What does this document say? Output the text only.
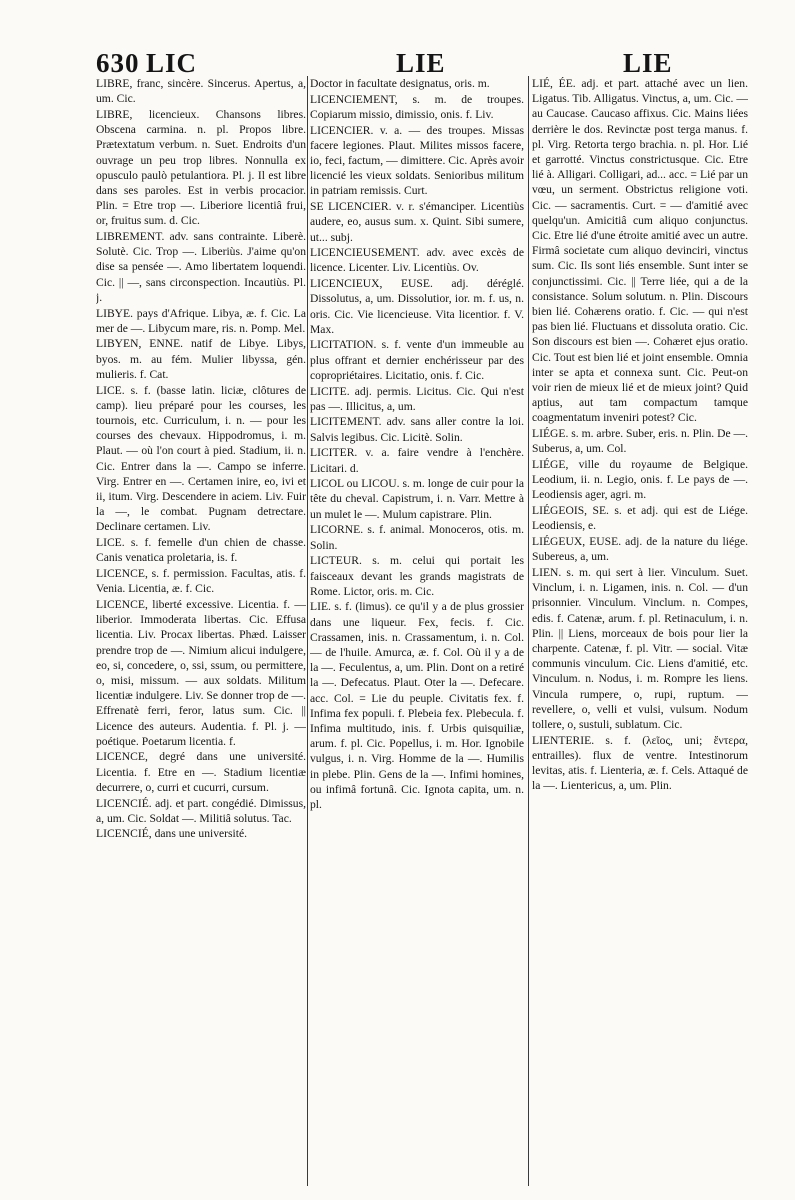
630 LIC	LIE	LIE

LIBRE, franc, sincère. Sincerus. Apertus, a, um. Cic.

LIBRE, licencieux. Chansons libres. Obscena carmina. n. pl. Propos libre. Prætextatum verbum. n. Suet. Endroits d'un ouvrage un peu trop libres. Nonnulla ex opusculo paulò petulantiora. Pl. j. Il est libre dans ses paroles. Est in verbis procacior. Plin. = Etre trop —. Liberiore licentiâ frui, or, fruitus sum. d. Cic.

LIBREMENT. adv. sans contrainte. Liberè. Solutè. Cic. Trop —. Liberiùs. J'aime qu'on dise sa pensée —. Amo libertatem loquendi. Cic. || —, sans circonspection. Incautiùs. Pl. j.

LIBYE. pays d'Afrique. Libya, æ. f. Cic. La mer de —. Libycum mare, ris. n. Pomp. Mel.

LIBYEN, ENNE. natif de Libye. Libys, byos. m. au fém. Mulier libyssa, gén. mulieris. f. Cat.

LICE. s. f. (basse latin. liciæ, clôtures de camp). lieu préparé pour les courses, les tournois, etc. Curriculum, i. n. — pour les courses des chevaux. Hippodromus, i. m. Plaut. — où l'on court à pied. Stadium, ii. n. Cic. Entrer dans la —. Campo se inferre. Virg. Entrer en —. Certamen inire, eo, ivi et ii, itum. Virg. Descendere in aciem. Liv. Fuir la —, le combat. Pugnam detrectare. Declinare certamen. Liv.

LICE. s. f. femelle d'un chien de chasse. Canis venatica proletaria, is. f.

LICENCE, s. f. permission. Facultas, atis. f. Venia. Licentia, æ. f. Cic.

LICENCE, liberté excessive. Licentia. f. — liberior. Immoderata libertas. Cic. Effusa licentia. Liv. Procax libertas. Phæd. Laisser prendre trop de —. Nimium alicui indulgere, eo, si, concedere, o, ssi, ssum, ou permittere, o, misi, missum. — aux soldats. Militum licentiæ indulgere. Liv. Se donner trop de —. Effrenatè ferri, feror, latus sum. Cic. || Licence des auteurs. Audentia. f. Pl. j. — poétique. Poetarum licentia. f.

LICENCE, degré dans une université. Licentia. f. Etre en —. Stadium licentiæ decurrere, o, curri et cucurri, cursum.

LICENCIÉ. adj. et part. congédié. Dimissus, a, um. Cic. Soldat —. Militiâ solutus. Tac.

LICENCIÉ, dans une université.

Doctor in facultate designatus, oris. m.

LICENCIEMENT, s. m. de troupes. Copiarum missio, dimissio, onis. f. Liv.

LICENCIER. v. a. — des troupes. Missas facere legiones. Plaut. Milites missos facere, io, feci, factum, — dimittere. Cic. Après avoir licencié les vieux soldats. Senioribus militum in patriam remissis. Curt.

SE LICENCIER. v. r. s'émanciper. Licentiùs audere, eo, ausus sum. x. Quint. Sibi sumere, ut... subj.

LICENCIEUSEMENT. adv. avec excès de licence. Licenter. Liv. Licentiùs. Ov.

LICENCIEUX, EUSE. adj. déréglé. Dissolutus, a, um. Dissolutior, ior. m. f. us, n. oris. Cic. Vie licencieuse. Vita licentior. f. V. Max.

LICITATION. s. f. vente d'un immeuble au plus offrant et dernier enchérisseur par des copropriétaires. Licitatio, onis. f. Cic.

LICITE. adj. permis. Licitus. Cic. Qui n'est pas —. Illicitus, a, um.

LICITEMENT. adv. sans aller contre la loi. Salvis legibus. Cic. Licitè. Solin.

LICITER. v. a. faire vendre à l'enchère. Licitari. d.

LICOL ou LICOU. s. m. longe de cuir pour la tête du cheval. Capistrum, i. n. Varr. Mettre à un mulet le —. Mulum capistrare. Plin.

LICORNE. s. f. animal. Monoceros, otis. m. Solin.

LICTEUR. s. m. celui qui portait les faisceaux devant les grands magistrats de Rome. Lictor, oris. m. Cic.

LIE. s. f. (limus). ce qu'il y a de plus grossier dans une liqueur. Fex, fecis. f. Cic. Crassamen, inis. n. Crassamentum, i. n. Col. — de l'huile. Amurca, æ. f. Col. Où il y a de la —. Feculentus, a, um. Plin. Dont on a retiré la —. Defecatus. Plaut. Oter la —. Defecare. acc. Col. = Lie du peuple. Civitatis fex. f. Infima fex populi. f. Plebeia fex. Plebecula. f. Infima multitudo, inis. f. Urbis quisquiliæ, arum. f. pl. Cic. Popellus, i. m. Hor. Ignobile vulgus, i. n. Virg. Homme de la —. Humilis in plebe. Plin. Gens de la —. Infimi homines, ou infimâ fortunâ. Cic. Ignota capita, um. n. pl.

LIÉ, ÉE. adj. et part. attaché avec un lien. Ligatus. Tib. Alligatus. Vinctus, a, um. Cic. — au Caucase. Caucaso affixus. Cic. Mains liées derrière le dos. Revinctæ post terga manus. f. pl. Virg. Retorta tergo brachia. n. pl. Hor. Lié et garrotté. Vinctus constrictusque. Cic. Etre lié à. Alligari. Colligari, ad... acc. = Lié par un vœu, un serment. Obstrictus religione voti. Cic. — sacramentis. Curt. = — d'amitié avec quelqu'un. Amicitiâ cum aliquo conjunctus. Cic. Etre lié d'une étroite amitié avec un autre. Firmâ societate cum aliquo devinciri, vinctus sum. Cic. Ils sont liés ensemble. Sunt inter se conjunctissimi. Cic. || Terre liée, qui a de la consistance. Solum solutum. n. Plin. Discours bien lié. Cohærens oratio. f. Cic. — qui n'est pas bien lié. Fluctuans et dissoluta oratio. Cic. Son discours est bien —. Cohæret ejus oratio. Cic. Tout est bien lié et joint ensemble. Omnia inter se apta et connexa sunt. Cic. Peut-on voir rien de mieux lié et de mieux joint? Quid aptius, aut tam compactum tamque coagmentatum inveniri potest? Cic.

LIÉGE. s. m. arbre. Suber, eris. n. Plin. De —. Suberus, a, um. Col.

LIÉGE, ville du royaume de Belgique. Leodium, ii. n. Legio, onis. f. Le pays de —. Leodiensis ager, agri. m.

LIÉGEOIS, SE. s. et adj. qui est de Liége. Leodiensis, e.

LIÉGEUX, EUSE. adj. de la nature du liége. Subereus, a, um.

LIEN. s. m. qui sert à lier. Vinculum. Suet. Vinclum, i. n. Ligamen, inis. n. Col. — d'un prisonnier. Vinculum. Vinclum. n. Compes, edis. f. Catenæ, arum. f. pl. Retinaculum, i. n. Plin. || Liens, morceaux de bois pour lier la charpente. Catenæ, f. pl. Vitr. — social. Vitæ communis vinculum. Cic. Liens d'amitié, etc. Vinculum. n. Nodus, i. m. Rompre les liens. Vincula rumpere, o, rupi, ruptum. — revellere, o, velli et vulsi, vulsum. Nodum tollere, o, sustuli, sublatum. Cic.

LIENTERIE. s. f. (λεῖος, uni; ἔντερα, entrailles). flux de ventre. Intestinorum levitas, atis. f. Lienteria, æ. f. Cels. Attaqué de la —. Lientericus, a, um. Plin.
